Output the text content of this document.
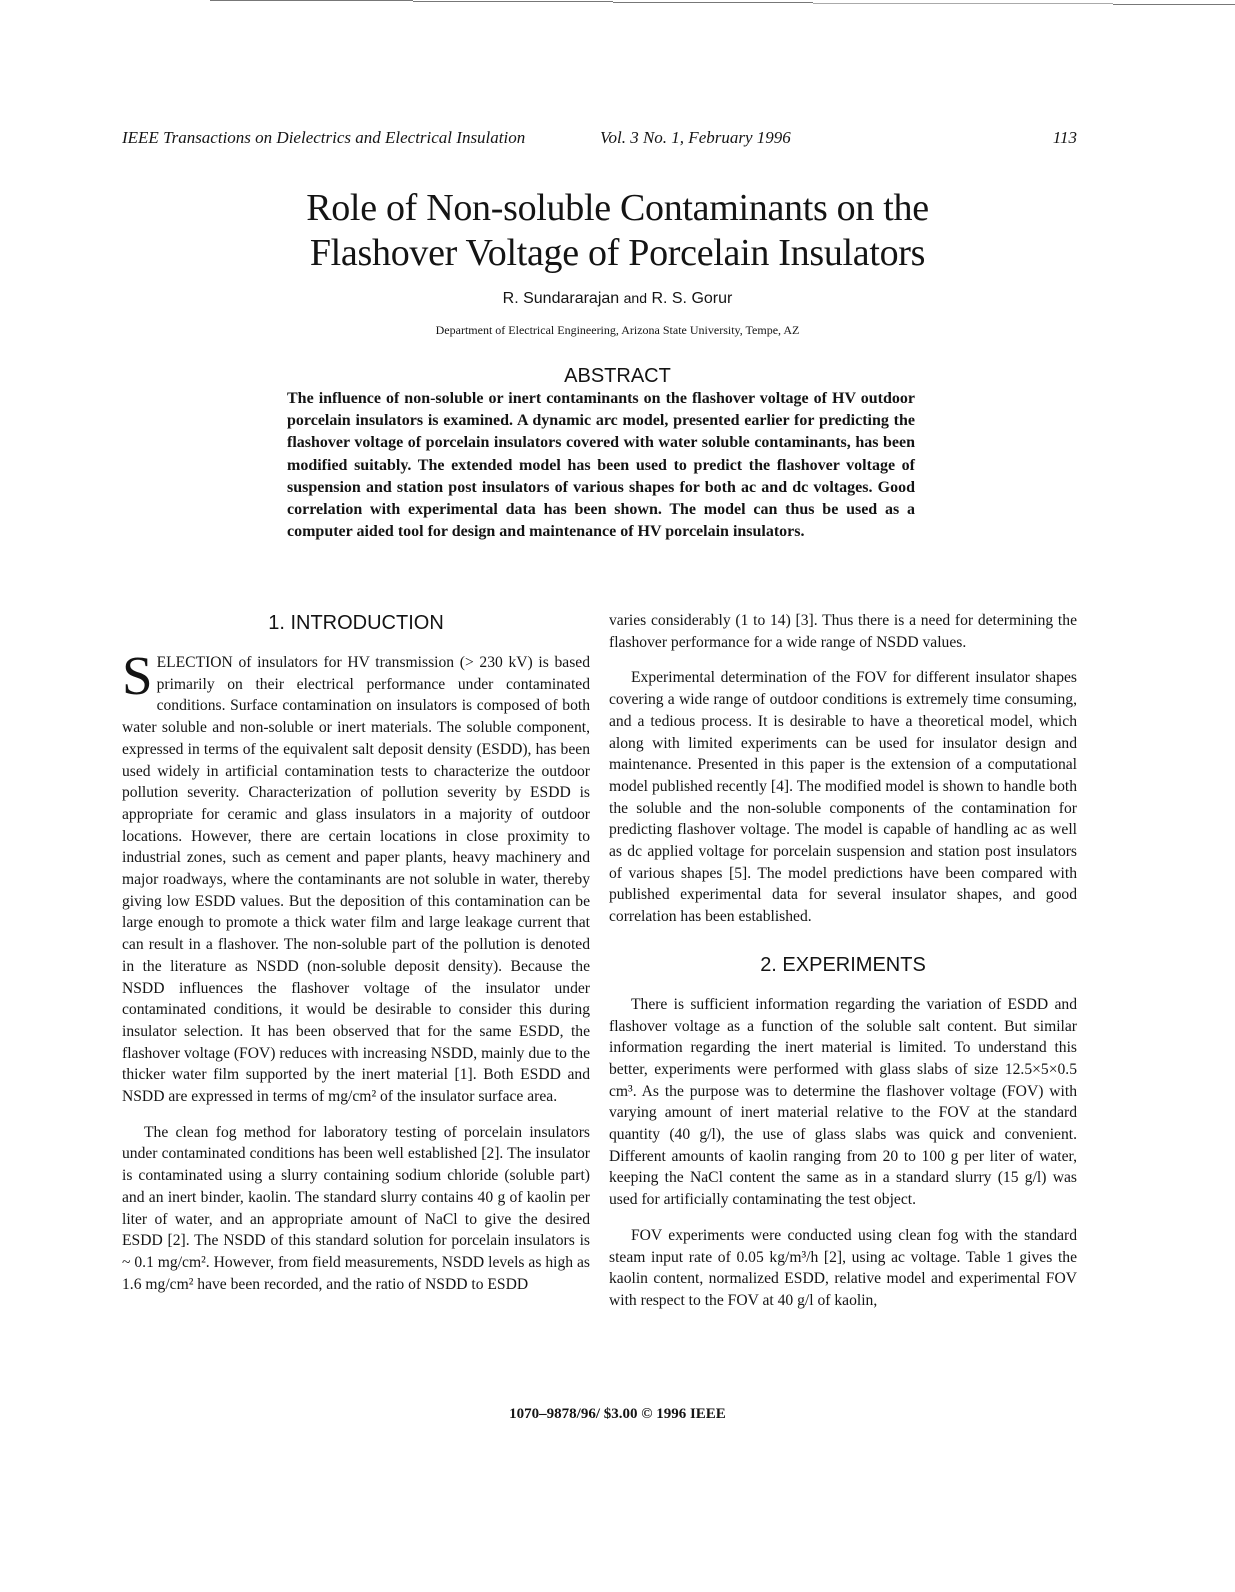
IEEE Transactions on Dielectrics and Electrical Insulation	Vol. 3 No. 1, February 1996	113
Role of Non-soluble Contaminants on the
Flashover Voltage of Porcelain Insulators
R. Sundararajan and R. S. Gorur
Department of Electrical Engineering, Arizona State University, Tempe, AZ
ABSTRACT
The influence of non-soluble or inert contaminants on the flashover voltage of HV outdoor porcelain insulators is examined. A dynamic arc model, presented earlier for predicting the flashover voltage of porcelain insulators covered with water soluble contaminants, has been modified suitably. The extended model has been used to predict the flashover voltage of suspension and station post insulators of various shapes for both ac and dc voltages. Good correlation with experimental data has been shown. The model can thus be used as a computer aided tool for design and maintenance of HV porcelain insulators.
1. INTRODUCTION

SELECTION of insulators for HV transmission (> 230 kV) is based primarily on their electrical performance under contaminated conditions. Surface contamination on insulators is composed of both water soluble and non-soluble or inert materials. The soluble component, expressed in terms of the equivalent salt deposit density (ESDD), has been used widely in artificial contamination tests to characterize the outdoor pollution severity. Characterization of pollution severity by ESDD is appropriate for ceramic and glass insulators in a majority of outdoor locations. However, there are certain locations in close proximity to industrial zones, such as cement and paper plants, heavy machinery and major roadways, where the contaminants are not soluble in water, thereby giving low ESDD values. But the deposition of this contamination can be large enough to promote a thick water film and large leakage current that can result in a flashover. The non-soluble part of the pollution is denoted in the literature as NSDD (non-soluble deposit density). Because the NSDD influences the flashover voltage of the insulator under contaminated conditions, it would be desirable to consider this during insulator selection. It has been observed that for the same ESDD, the flashover voltage (FOV) reduces with increasing NSDD, mainly due to the thicker water film supported by the inert material [1]. Both ESDD and NSDD are expressed in terms of mg/cm² of the insulator surface area.

The clean fog method for laboratory testing of porcelain insulators under contaminated conditions has been well established [2]. The insulator is contaminated using a slurry containing sodium chloride (soluble part) and an inert binder, kaolin. The standard slurry contains 40 g of kaolin per liter of water, and an appropriate amount of NaCl to give the desired ESDD [2]. The NSDD of this standard solution for porcelain insulators is ~ 0.1 mg/cm². However, from field measurements, NSDD levels as high as 1.6 mg/cm² have been recorded, and the ratio of NSDD to ESDD

varies considerably (1 to 14) [3]. Thus there is a need for determining the flashover performance for a wide range of NSDD values.

Experimental determination of the FOV for different insulator shapes covering a wide range of outdoor conditions is extremely time consuming, and a tedious process. It is desirable to have a theoretical model, which along with limited experiments can be used for insulator design and maintenance. Presented in this paper is the extension of a computational model published recently [4]. The modified model is shown to handle both the soluble and the non-soluble components of the contamination for predicting flashover voltage. The model is capable of handling ac as well as dc applied voltage for porcelain suspension and station post insulators of various shapes [5]. The model predictions have been compared with published experimental data for several insulator shapes, and good correlation has been established.

2. EXPERIMENTS

There is sufficient information regarding the variation of ESDD and flashover voltage as a function of the soluble salt content. But similar information regarding the inert material is limited. To understand this better, experiments were performed with glass slabs of size 12.5×5×0.5 cm³. As the purpose was to determine the flashover voltage (FOV) with varying amount of inert material relative to the FOV at the standard quantity (40 g/l), the use of glass slabs was quick and convenient. Different amounts of kaolin ranging from 20 to 100 g per liter of water, keeping the NaCl content the same as in a standard slurry (15 g/l) was used for artificially contaminating the test object.

FOV experiments were conducted using clean fog with the standard steam input rate of 0.05 kg/m³/h [2], using ac voltage. Table 1 gives the kaolin content, normalized ESDD, relative model and experimental FOV with respect to the FOV at 40 g/l of kaolin,

1070–9878/96/ $3.00 © 1996 IEEE
